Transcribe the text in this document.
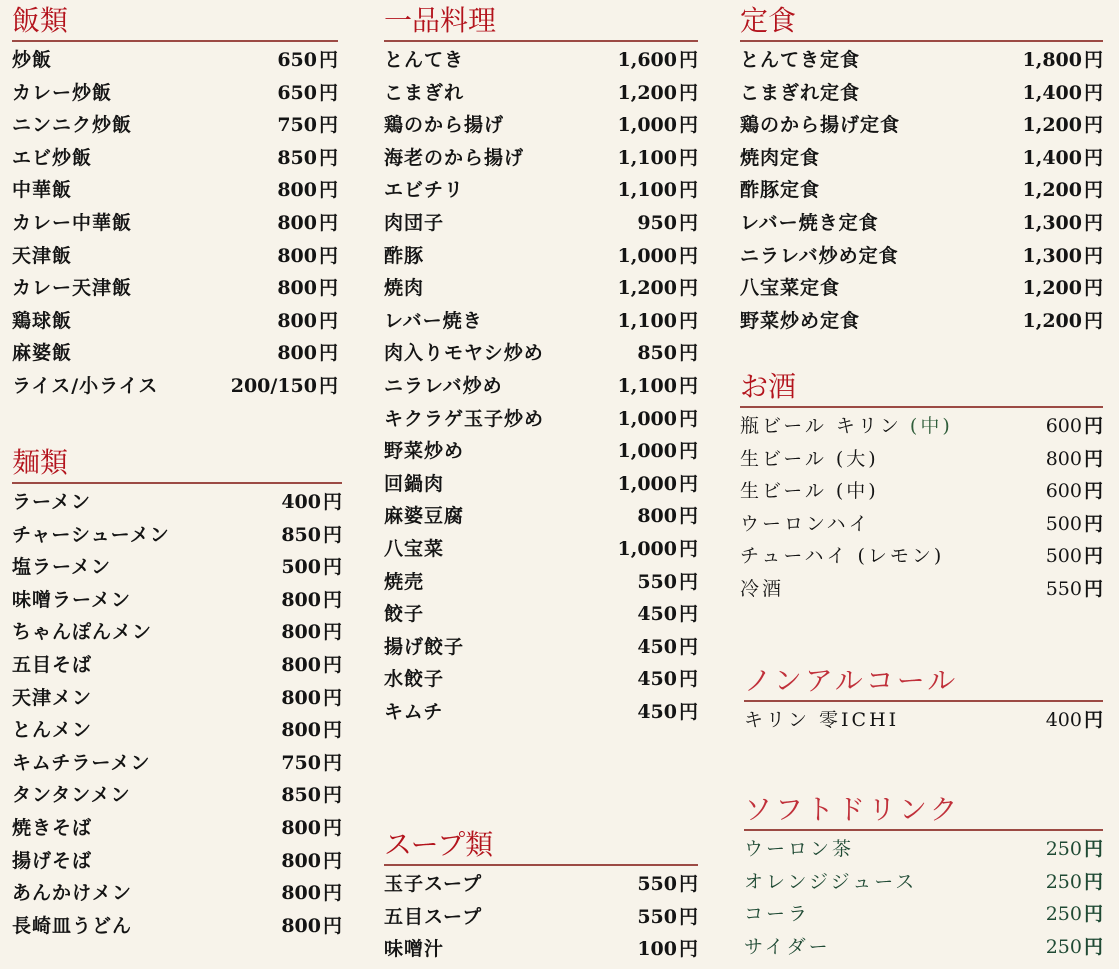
飯類
炒飯	650 円
カレー炒飯	650 円
ニンニク炒飯	750 円
エビ炒飯	850 円
中華飯	800 円
カレー中華飯	800 円
天津飯	800 円
カレー天津飯	800 円
鶏球飯	800 円
麻婆飯	800 円
ライス/小ライス	200/150 円
麺類
ラーメン	400 円
チャーシューメン	850 円
塩ラーメン	500 円
味噌ラーメン	800 円
ちゃんぽんメン	800 円
五目そば	800 円
天津メン	800 円
とんメン	800 円
キムチラーメン	750 円
タンタンメン	850 円
焼きそば	800 円
揚げそば	800 円
あんかけメン	800 円
長崎皿うどん	800 円
一品料理
とんてき	1,600 円
こまぎれ	1,200 円
鶏のから揚げ	1,000 円
海老のから揚げ	1,100 円
エビチリ	1,100 円
肉団子	950 円
酢豚	1,000 円
焼肉	1,200 円
レバー焼き	1,100 円
肉入りモヤシ炒め	850 円
ニラレバ炒め	1,100 円
キクラゲ玉子炒め	1,000 円
野菜炒め	1,000 円
回鍋肉	1,000 円
麻婆豆腐	800 円
八宝菜	1,000 円
焼売	550 円
餃子	450 円
揚げ餃子	450 円
水餃子	450 円
キムチ	450 円
スープ類
玉子スープ	550 円
五目スープ	550 円
味噌汁	100 円
定食
とんてき定食	1,800 円
こまぎれ定食	1,400 円
鶏のから揚げ定食	1,200 円
焼肉定食	1,400 円
酢豚定食	1,200 円
レバー焼き定食	1,300 円
ニラレバ炒め定食	1,300 円
八宝菜定食	1,200 円
野菜炒め定食	1,200 円
お酒
瓶ビール キリン (中)	600 円
生ビール (大)	800 円
生ビール (中)	600 円
ウーロンハイ	500 円
チューハイ (レモン)	500 円
冷酒	550 円
ノンアルコール
キリン 零ICHI	400 円
ソフトドリンク
ウーロン茶	250 円
オレンジジュース	250 円
コーラ	250 円
サイダー	250 円
